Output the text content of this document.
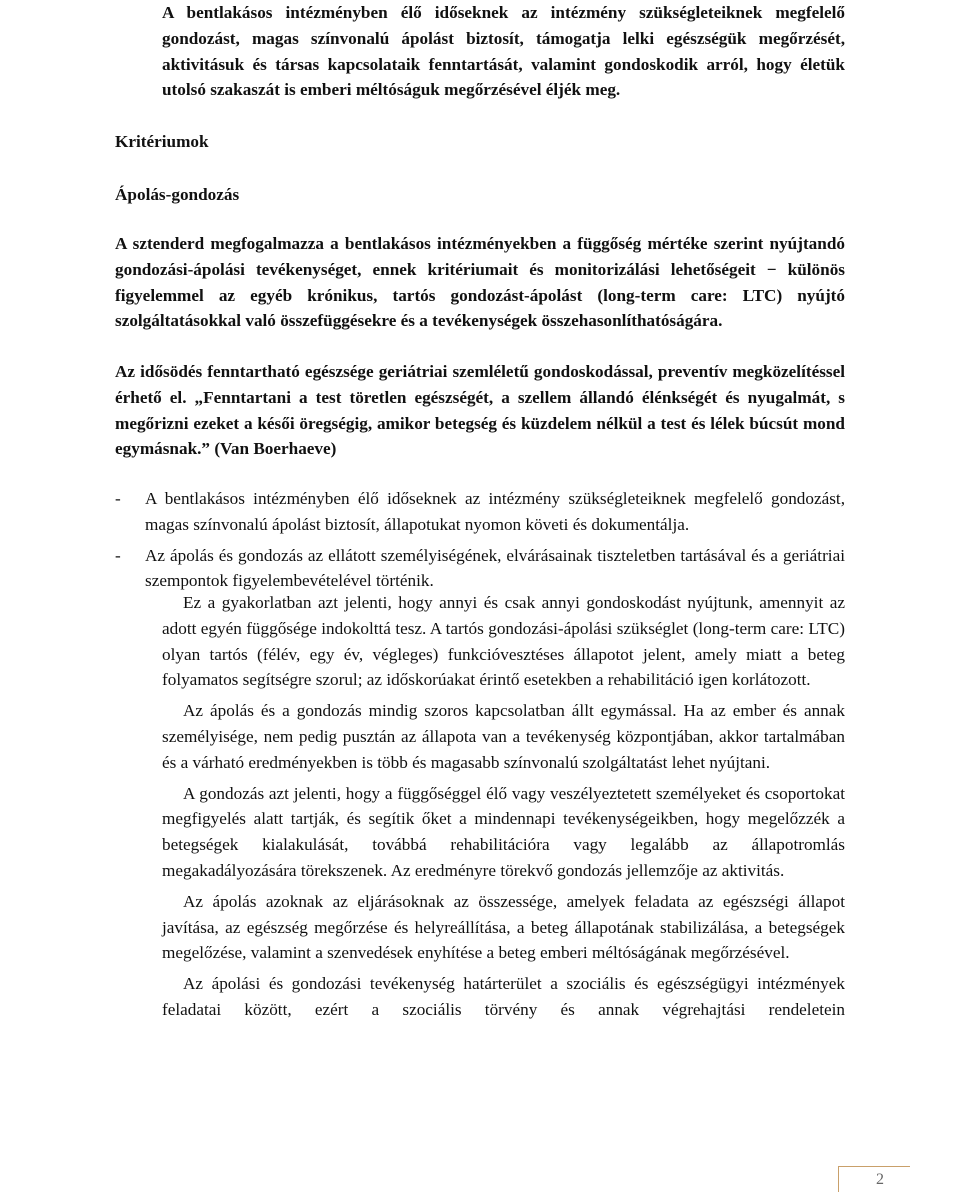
A bentlakásos intézményben élő időseknek az intézmény szükségleteiknek megfelelő gondozást, magas színvonalú ápolást biztosít, támogatja lelki egészségük megőrzését, aktivitásuk és társas kapcsolataik fenntartását, valamint gondoskodik arról, hogy életük utolsó szakaszát is emberi méltóságuk megőrzésével éljék meg.

Kritériumok

Ápolás-gondozás

A sztenderd megfogalmazza a bentlakásos intézményekben a függőség mértéke szerint nyújtandó gondozási-ápolási tevékenységet, ennek kritériumait és monitorizálási lehetőségeit − különös figyelemmel az egyéb krónikus, tartós gondozást-ápolást (long-term care: LTC) nyújtó szolgáltatásokkal való összefüggésekre és a tevékenységek összehasonlíthatóságára.

Az idősödés fenntartható egészsége geriátriai szemléletű gondoskodással, preventív megközelítéssel érhető el. „Fenntartani a test töretlen egészségét, a szellem állandó élénkségét és nyugalmát, s megőrizni ezeket a késői öregségig, amikor betegség és küzdelem nélkül a test és lélek búcsút mond egymásnak.” (Van Boerhaeve)

- A bentlakásos intézményben élő időseknek az intézmény szükségleteiknek megfelelő gondozást, magas színvonalú ápolást biztosít, állapotukat nyomon követi és dokumentálja.

- Az ápolás és gondozás az ellátott személyiségének, elvárásainak tiszteletben tartásával és a geriátriai szempontok figyelembevételével történik.

Ez a gyakorlatban azt jelenti, hogy annyi és csak annyi gondoskodást nyújtunk, amennyit az adott egyén függősége indokolttá tesz. A tartós gondozási-ápolási szükséglet (long-term care: LTC) olyan tartós (félév, egy év, végleges) funkcióvesztéses állapotot jelent, amely miatt a beteg folyamatos segítségre szorul; az időskorúakat érintő esetekben a rehabilitáció igen korlátozott.

Az ápolás és a gondozás mindig szoros kapcsolatban állt egymással. Ha az ember és annak személyisége, nem pedig pusztán az állapota van a tevékenység központjában, akkor tartalmában és a várható eredményekben is több és magasabb színvonalú szolgáltatást lehet nyújtani.

A gondozás azt jelenti, hogy a függőséggel élő vagy veszélyeztetett személyeket és csoportokat megfigyelés alatt tartják, és segítik őket a mindennapi tevékenységeikben, hogy megelőzzék a betegségek kialakulását, továbbá rehabilitációra vagy legalább az állapotromlás megakadályozására törekszenek. Az eredményre törekvő gondozás jellemzője az aktivitás.

Az ápolás azoknak az eljárásoknak az összessége, amelyek feladata az egészségi állapot javítása, az egészség megőrzése és helyreállítása, a beteg állapotának stabilizálása, a betegségek megelőzése, valamint a szenvedések enyhítése a beteg emberi méltóságának megőrzésével.

Az ápolási és gondozási tevékenység határterület a szociális és egészségügyi intézmények feladatai között, ezért a szociális törvény és annak végrehajtási rendeletein

2
